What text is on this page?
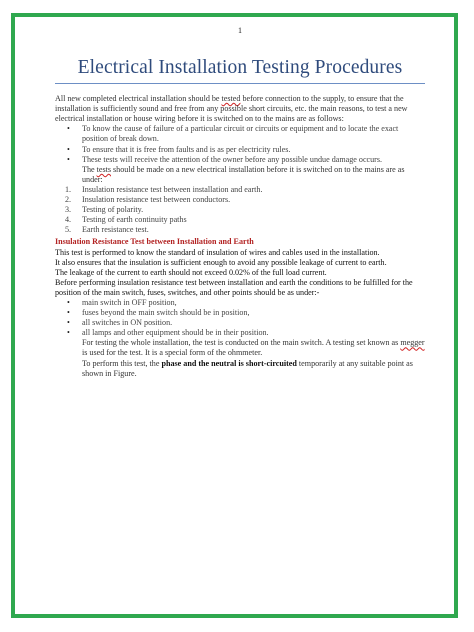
1
Electrical Installation Testing Procedures

All new completed electrical installation should be tested before connection to the supply, to ensure that the installation is sufficiently sound and free from any possible short circuits, etc. the main reasons, to test a new electrical installation or house wiring before it is switched on to the mains are as follows:

• To know the cause of failure of a particular circuit or circuits or equipment and to locate the exact position of break down.
• To ensure that it is free from faults and is as per electricity rules.
• These tests will receive the attention of the owner before any possible undue damage occurs.

The tests should be made on a new electrical installation before it is switched on to the mains are as under:

1. Insulation resistance test between installation and earth.
2. Insulation resistance test between conductors.
3. Testing of polarity.
4. Testing of earth continuity paths
5. Earth resistance test.

Insulation Resistance Test between Installation and Earth

This test is performed to know the standard of insulation of wires and cables used in the installation.

It also ensures that the insulation is sufficient enough to avoid any possible leakage of current to earth.

The leakage of the current to earth should not exceed 0.02% of the full load current.

Before performing insulation resistance test between installation and earth the conditions to be fulfilled for the position of the main switch, fuses, switches, and other points should be as under:-

• main switch in OFF position,
• fuses beyond the main switch should be in position,
• all switches in ON position.
• all lamps and other equipment should be in their position.

For testing the whole installation, the test is conducted on the main switch. A testing set known as megger is used for the test. It is a special form of the ohmmeter.

To perform this test, the phase and the neutral is short-circuited temporarily at any suitable point as shown in Figure.
